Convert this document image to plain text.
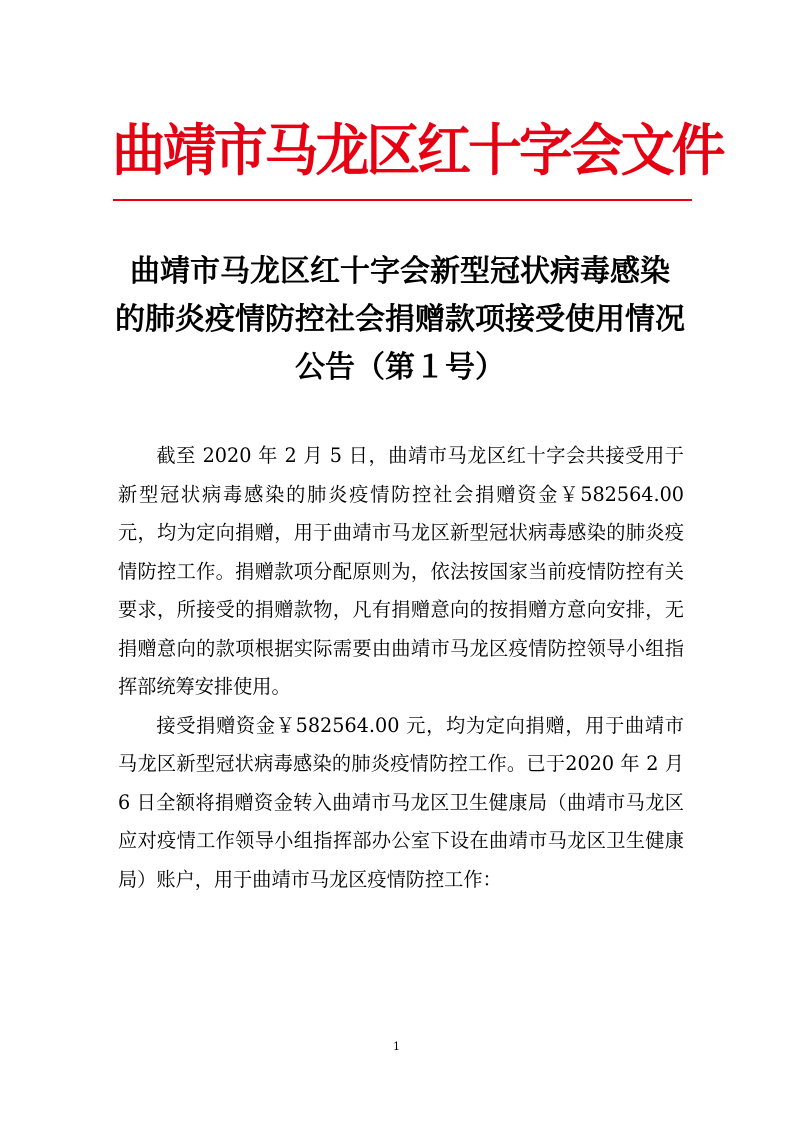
曲靖市马龙区红十字会文件
曲靖市马龙区红十字会新型冠状病毒感染
的肺炎疫情防控社会捐赠款项接受使用情况
公告（第１号）

截至 2020 年 2 月 5 日，曲靖市马龙区红十字会共接受用于新型冠状病毒感染的肺炎疫情防控社会捐赠资金￥582564.00 元，均为定向捐赠，用于曲靖市马龙区新型冠状病毒感染的肺炎疫情防控工作。捐赠款项分配原则为，依法按国家当前疫情防控有关要求，所接受的捐赠款物，凡有捐赠意向的按捐赠方意向安排，无捐赠意向的款项根据实际需要由曲靖市马龙区疫情防控领导小组指挥部统筹安排使用。

接受捐赠资金￥582564.00 元，均为定向捐赠，用于曲靖市马龙区新型冠状病毒感染的肺炎疫情防控工作。已于2020 年 2 月 6 日全额将捐赠资金转入曲靖市马龙区卫生健康局（曲靖市马龙区应对疫情工作领导小组指挥部办公室下设在曲靖市马龙区卫生健康局）账户，用于曲靖市马龙区疫情防控工作：

1
